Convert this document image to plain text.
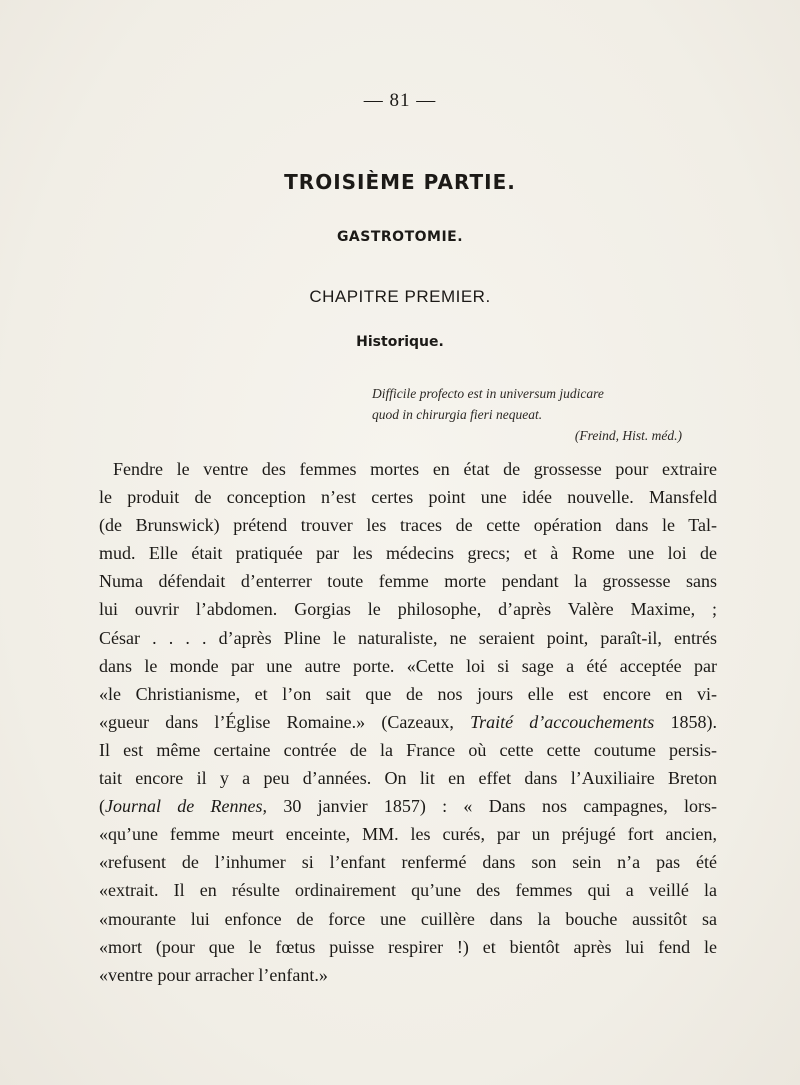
— 81 —
TROISIÈME PARTIE.
GASTROTOMIE.
CHAPITRE PREMIER.
Historique.
Difficile profecto est in universum judicare
quod in chirurgia fieri nequeat.
(Freind, Hist. méd.)
Fendre le ventre des femmes mortes en état de grossesse pour extraire
le produit de conception n’est certes point une idée nouvelle. Mansfeld
(de Brunswick) prétend trouver les traces de cette opération dans le Tal-
mud. Elle était pratiquée par les médecins grecs; et à Rome une loi de
Numa défendait d’enterrer toute femme morte pendant la grossesse sans
lui ouvrir l’abdomen. Gorgias le philosophe, d’après Valère Maxime, ;
César . . . . d’après Pline le naturaliste, ne seraient point, paraît-il, entrés
dans le monde par une autre porte. «Cette loi si sage a été acceptée par
«le Christianisme, et l’on sait que de nos jours elle est encore en vi-
«gueur dans l’Église Romaine.» (Cazeaux, Traité d’accouchements 1858).
Il est même certaine contrée de la France où cette cette coutume persis-
tait encore il y a peu d’années. On lit en effet dans l’Auxiliaire Breton
(Journal de Rennes, 30 janvier 1857) : « Dans nos campagnes, lors-
«qu’une femme meurt enceinte, MM. les curés, par un préjugé fort ancien,
«refusent de l’inhumer si l’enfant renfermé dans son sein n’a pas été
«extrait. Il en résulte ordinairement qu’une des femmes qui a veillé la
«mourante lui enfonce de force une cuillère dans la bouche aussitôt sa
«mort (pour que le fœtus puisse respirer !) et bientôt après lui fend le
«ventre pour arracher l’enfant.»
